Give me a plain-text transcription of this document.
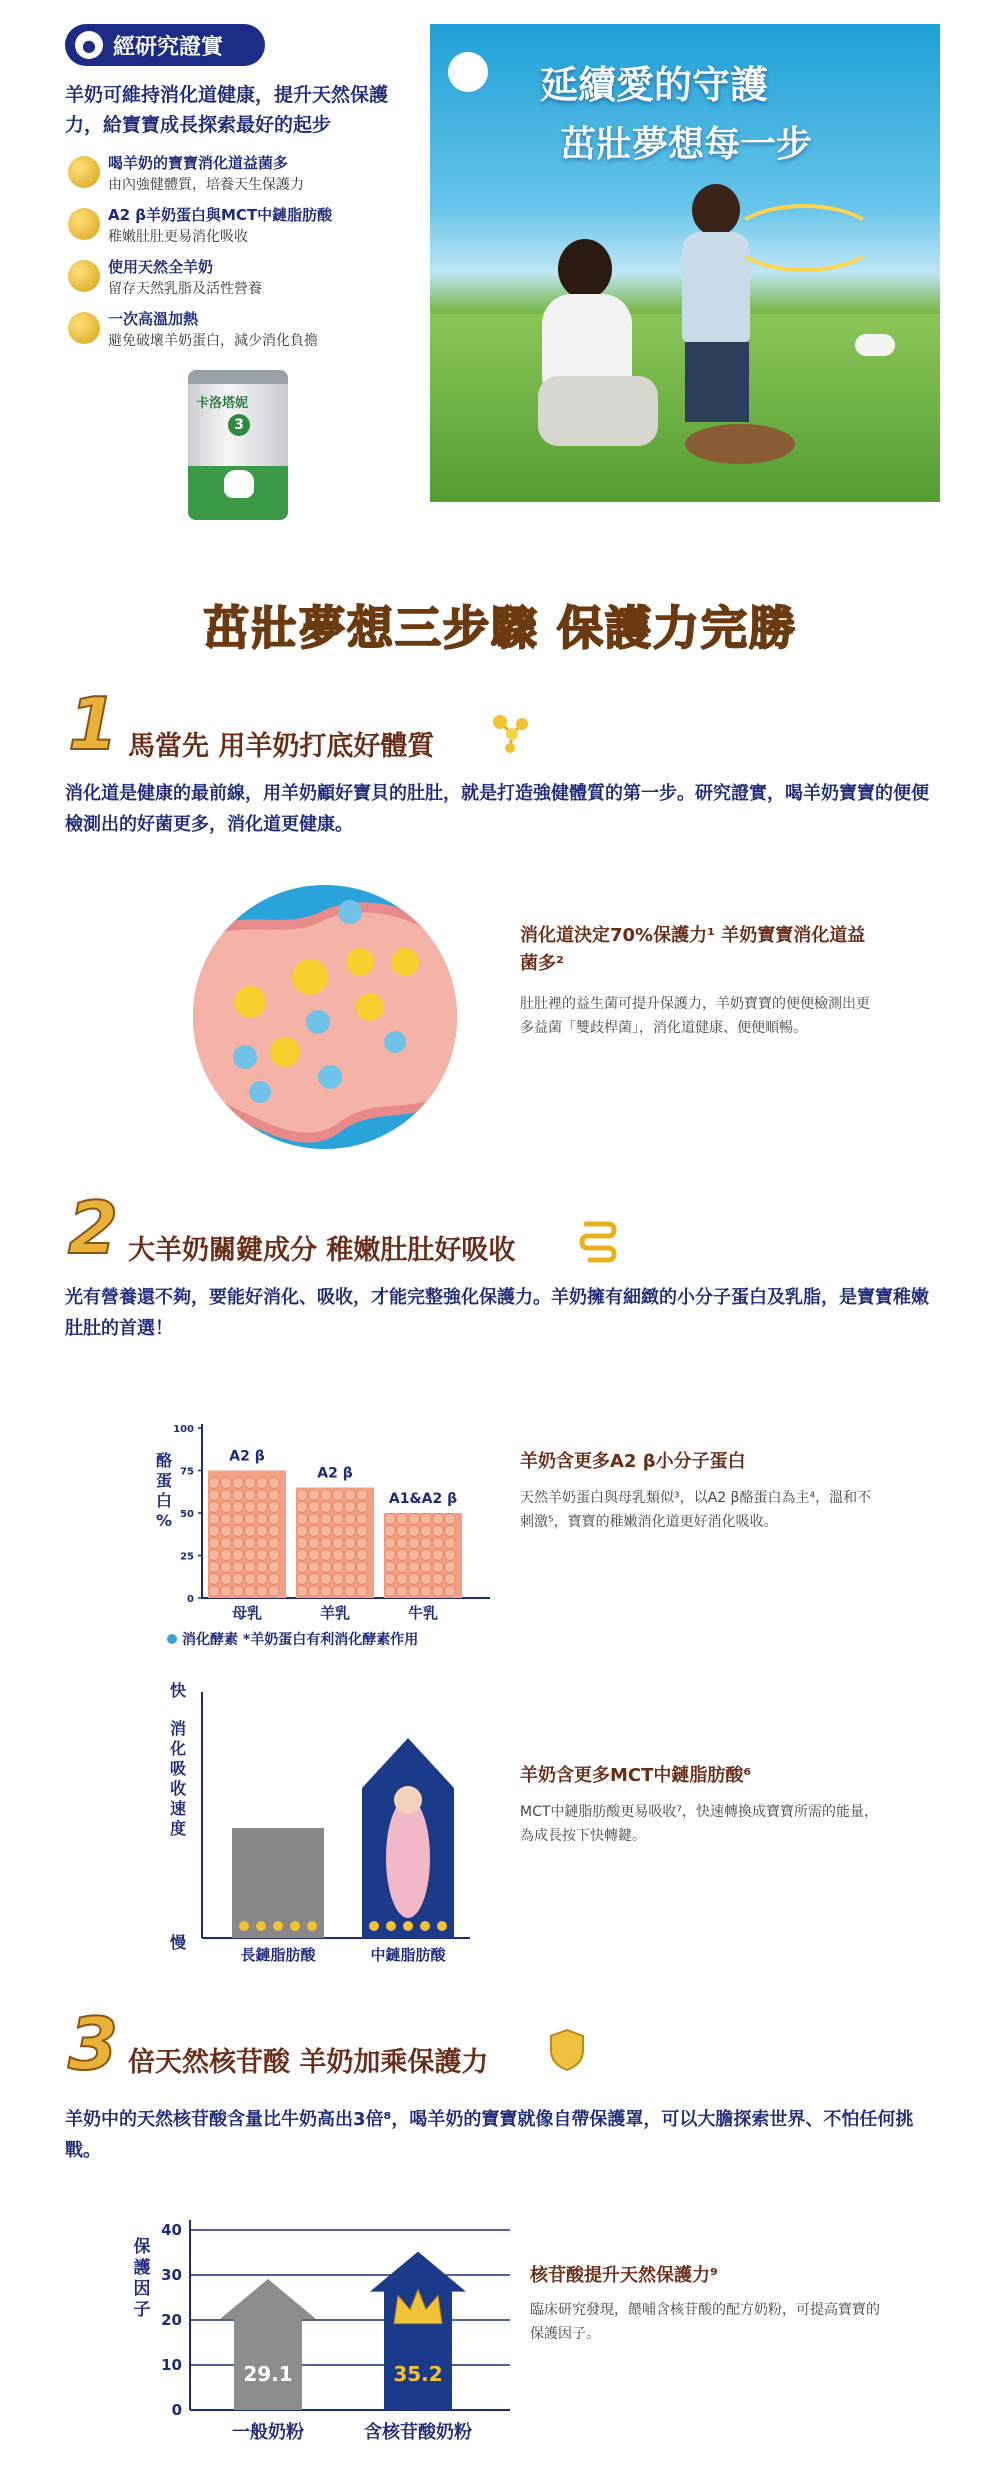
● 經研究證實
羊奶可維持消化道健康，提升天然保護力，給寶寶成長探索最好的起步
喝羊奶的寶寶消化道益菌多
由內強健體質，培養天生保護力
A2 β羊奶蛋白與MCT中鏈脂肪酸
稚嫩肚肚更易消化吸收
使用天然全羊奶
留存天然乳脂及活性營養
一次高溫加熱
避免破壞羊奶蛋白，減少消化負擔
卡洛塔妮
3
延續愛的守護
茁壯夢想每一步
茁壯夢想三步驟 保護力完勝
1 馬當先 用羊奶打底好體質
消化道是健康的最前線，用羊奶顧好寶貝的肚肚，就是打造強健體質的第一步。研究證實，喝羊奶寶寶的便便檢測出的好菌更多，消化道更健康。
消化道決定70%保護力¹ 羊奶寶寶消化道益菌多²
肚肚裡的益生菌可提升保護力，羊奶寶寶的便便檢測出更多益菌「雙歧桿菌」，消化道健康、便便順暢。
2 大羊奶關鍵成分 稚嫩肚肚好吸收
光有營養還不夠，要能好消化、吸收，才能完整強化保護力。羊奶擁有細緻的小分子蛋白及乳脂，是寶寶稚嫩肚肚的首選！
酪
蛋
白
%
0
25
50
75
100
A2 β
母乳
A2 β
羊乳
A1&A2 β
牛乳
消化酵素 *羊奶蛋白有利消化酵素作用
羊奶含更多A2 β小分子蛋白
天然羊奶蛋白與母乳類似³，以A2 β酪蛋白為主⁴，溫和不刺激⁵，寶寶的稚嫩消化道更好消化吸收。
快
消
化
吸
收
速
度
慢
長鏈脂肪酸	中鏈脂肪酸
羊奶含更多MCT中鏈脂肪酸⁶
MCT中鏈脂肪酸更易吸收⁷，快速轉換成寶寶所需的能量，為成長按下快轉鍵。
3 倍天然核苷酸 羊奶加乘保護力
羊奶中的天然核苷酸含量比牛奶高出3倍⁸，喝羊奶的寶寶就像自帶保護罩，可以大膽探索世界、不怕任何挑戰。
保
護
因
子
0
10
20
30
40
29.1
一般奶粉
35.2
含核苷酸奶粉
核苷酸提升天然保護力⁹
臨床研究發現，餵哺含核苷酸的配方奶粉，可提高寶寶的保護因子。
